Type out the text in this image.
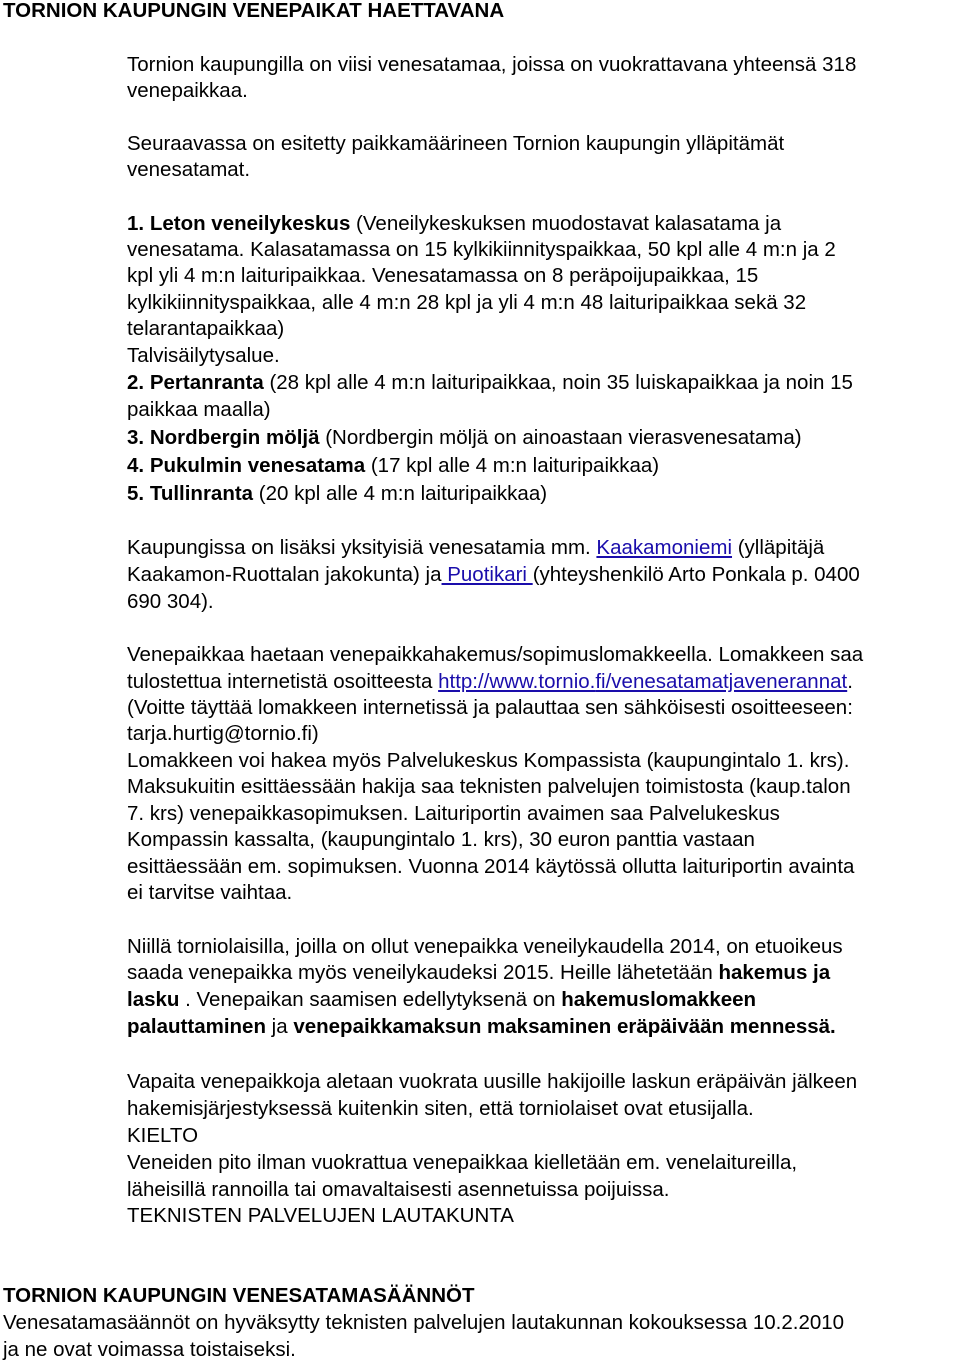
TORNION KAUPUNGIN VENEPAIKAT HAETTAVANA
Tornion kaupungilla on viisi venesatamaa, joissa on vuokrattavana yhteensä 318
venepaikkaa.
Seuraavassa on esitetty paikkamäärineen Tornion kaupungin ylläpitämät
venesatamat.
1. Leton veneilykeskus (Veneilykeskuksen muodostavat kalasatama ja
venesatama. Kalasatamassa on 15 kylkikiinnityspaikkaa, 50 kpl alle 4 m:n ja 2
kpl yli 4 m:n laituripaikkaa. Venesatamassa on 8 peräpoijupaikkaa, 15
kylkikiinnityspaikkaa, alle 4 m:n 28 kpl ja yli 4 m:n 48 laituripaikkaa sekä 32
telarantapaikkaa)
Talvisäilytysalue.
2. Pertanranta (28 kpl alle 4 m:n laituripaikkaa, noin 35 luiskapaikkaa ja noin 15
paikkaa maalla)
3. Nordbergin möljä (Nordbergin möljä on ainoastaan vierasvenesatama)
4. Pukulmin venesatama (17 kpl alle 4 m:n laituripaikkaa)
5. Tullinranta (20 kpl alle 4 m:n laituripaikkaa)
Kaupungissa on lisäksi yksityisiä venesatamia mm. Kaakamoniemi (ylläpitäjä
Kaakamon-Ruottalan jakokunta) ja Puotikari (yhteyshenkilö Arto Ponkala p. 0400
690 304).
Venepaikkaa haetaan venepaikkahakemus/sopimuslomakkeella. Lomakkeen saa
tulostettua internetistä osoitteesta http://www.tornio.fi/venesatamatjavenerannat.
(Voitte täyttää lomakkeen internetissä ja palauttaa sen sähköisesti osoitteeseen:
tarja.hurtig@tornio.fi)
Lomakkeen voi hakea myös Palvelukeskus Kompassista (kaupungintalo 1. krs).
Maksukuitin esittäessään hakija saa teknisten palvelujen toimistosta (kaup.talon
7. krs) venepaikkasopimuksen. Laituriportin avaimen saa Palvelukeskus
Kompassin kassalta, (kaupungintalo 1. krs), 30 euron panttia vastaan
esittäessään em. sopimuksen. Vuonna 2014 käytössä ollutta laituriportin avainta
ei tarvitse vaihtaa.
Niillä torniolaisilla, joilla on ollut venepaikka veneilykaudella 2014, on etuoikeus
saada venepaikka myös veneilykaudeksi 2015. Heille lähetetään hakemus ja
lasku . Venepaikan saamisen edellytyksenä on hakemuslomakkeen
palauttaminen ja venepaikkamaksun maksaminen eräpäivään mennessä.
Vapaita venepaikkoja aletaan vuokrata uusille hakijoille laskun eräpäivän jälkeen
hakemisjärjestyksessä kuitenkin siten, että torniolaiset ovat etusijalla.
KIELTO
Veneiden pito ilman vuokrattua venepaikkaa kielletään em. venelaitureilla,
läheisillä rannoilla tai omavaltaisesti asennetuissa poijuissa.
TEKNISTEN PALVELUJEN LAUTAKUNTA
TORNION KAUPUNGIN VENESATAMASÄÄNNÖT
Venesatamasäännöt on hyväksytty teknisten palvelujen lautakunnan kokouksessa 10.2.2010
ja ne ovat voimassa toistaiseksi.
